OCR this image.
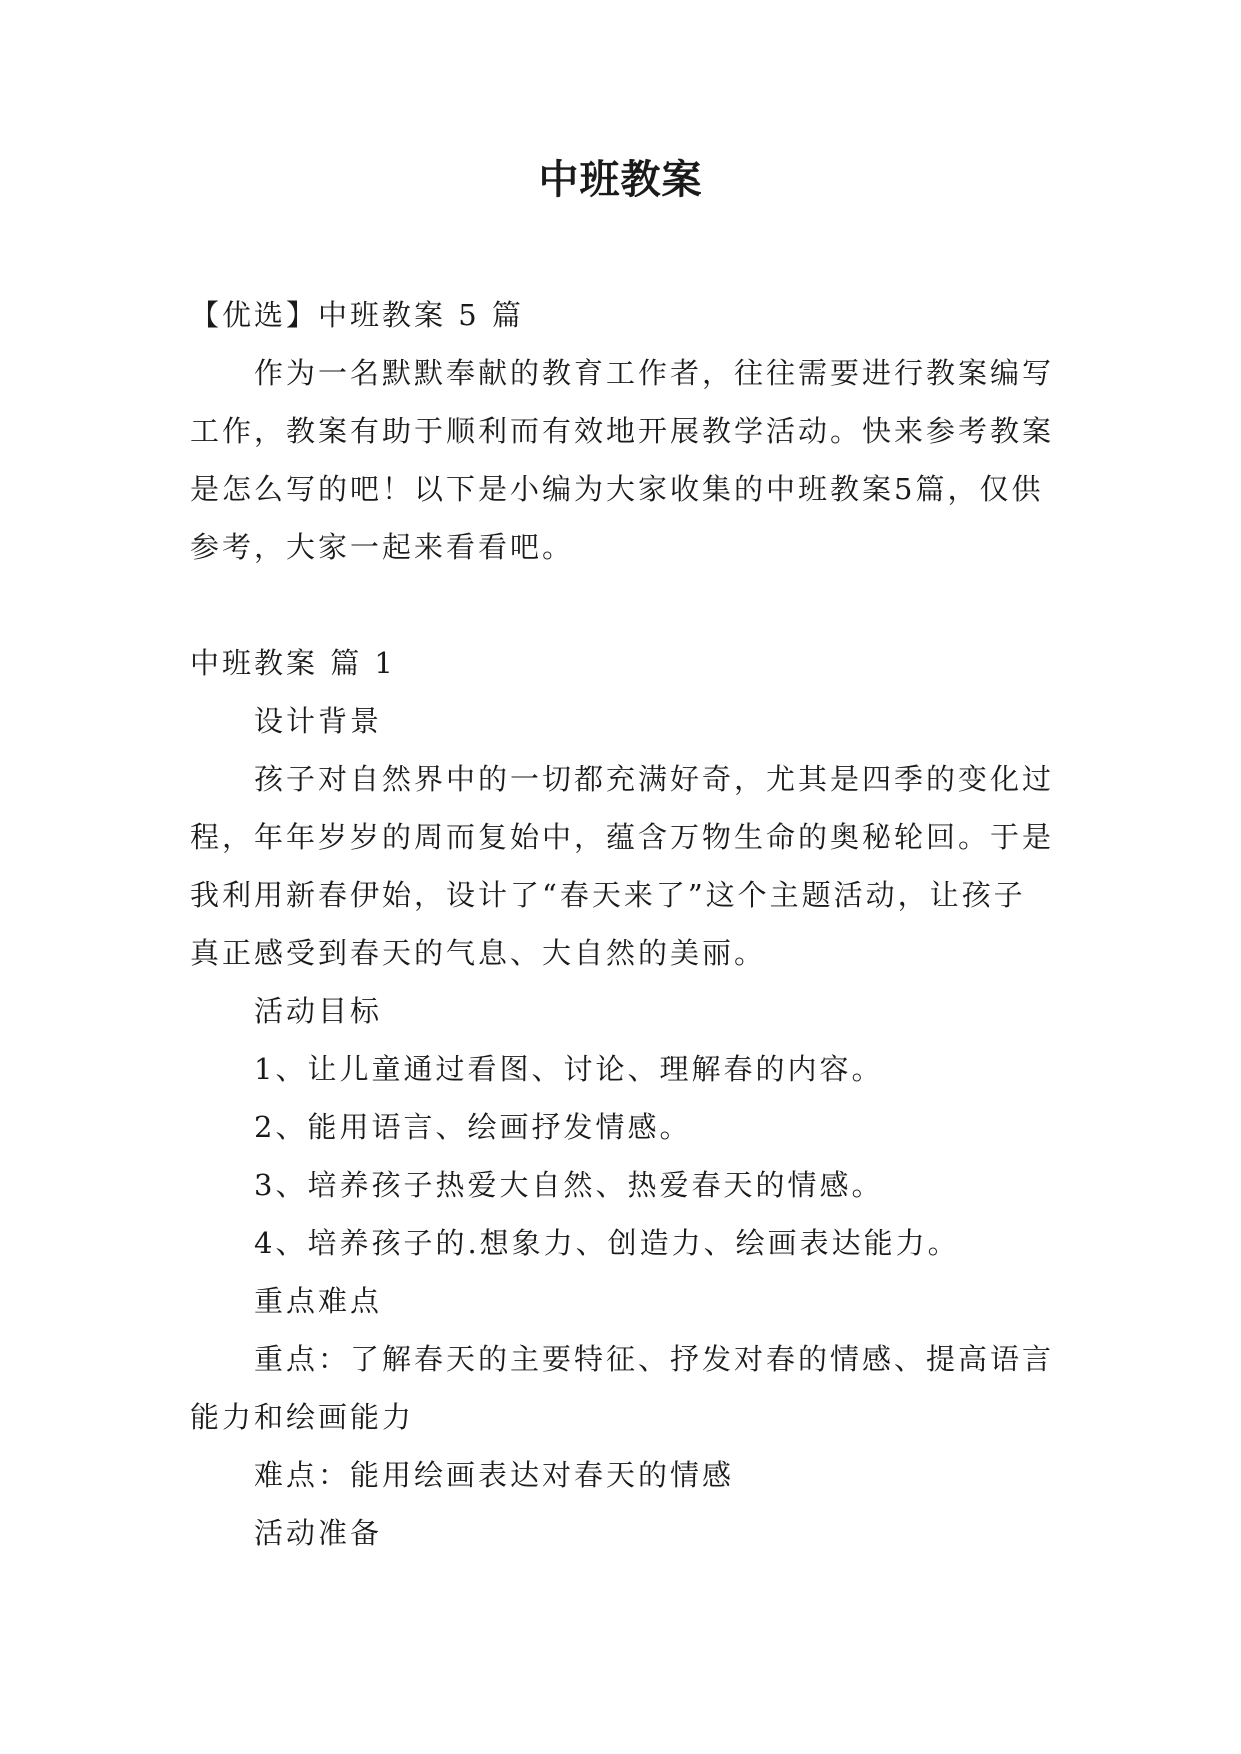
中班教案

【优选】中班教案 5 篇

作为一名默默奉献的教育工作者，往往需要进行教案编写工作，教案有助于顺利而有效地开展教学活动。快来参考教案是怎么写的吧！以下是小编为大家收集的中班教案5篇，仅供参考，大家一起来看看吧。

中班教案 篇 1

设计背景

孩子对自然界中的一切都充满好奇，尤其是四季的变化过程，年年岁岁的周而复始中，蕴含万物生命的奥秘轮回。于是我利用新春伊始，设计了“春天来了”这个主题活动，让孩子真正感受到春天的气息、大自然的美丽。

活动目标

1、让儿童通过看图、讨论、理解春的内容。

2、能用语言、绘画抒发情感。

3、培养孩子热爱大自然、热爱春天的情感。

4、培养孩子的.想象力、创造力、绘画表达能力。

重点难点

重点：了解春天的主要特征、抒发对春的情感、提高语言能力和绘画能力

难点：能用绘画表达对春天的情感

活动准备
